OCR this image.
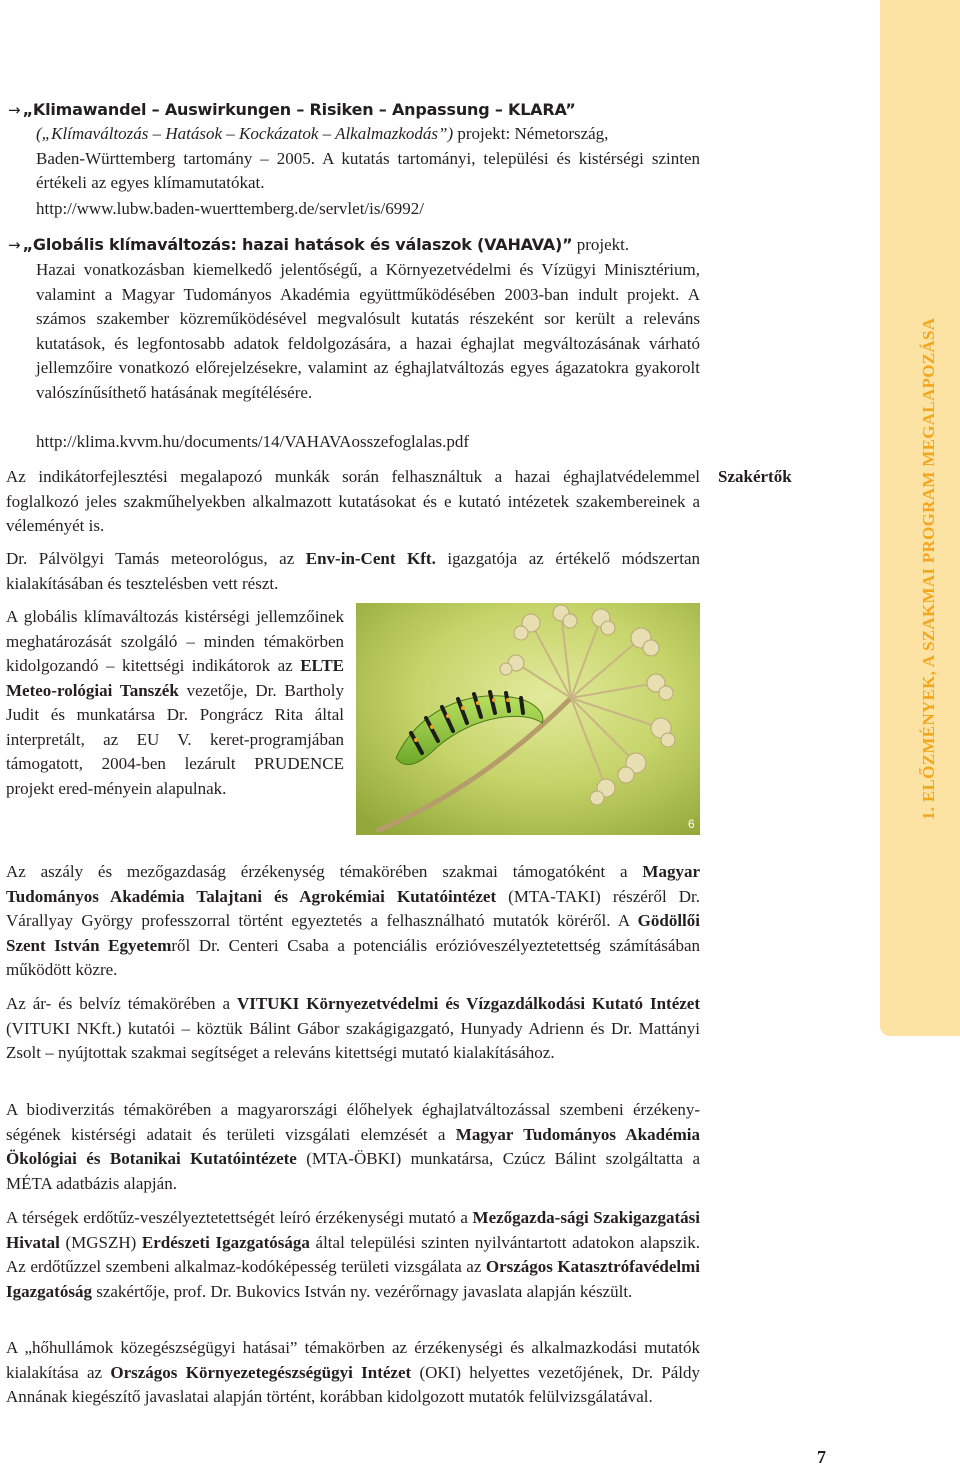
1. ELŐZMÉNYEK, A SZAKMAI PROGRAM MEGALAPOZÁSA
→ „Klimawandel – Auswirkungen – Risiken – Anpassung – KLARA”
(„Klímaváltozás – Hatások – Kockázatok – Alkalmazkodás”) projekt: Németország,
Baden-Württemberg tartomány – 2005. A kutatás tartományi, települési és kistérségi szinten értékeli az egyes klímamutatókat.
http://www.lubw.baden-wuerttemberg.de/servlet/is/6992/
→ „Globális klímaváltozás: hazai hatások és válaszok (VAHAVA)” projekt.
Hazai vonatkozásban kiemelkedő jelentőségű, a Környezetvédelmi és Vízügyi Minisztérium, valamint a Magyar Tudományos Akadémia együttműködésében 2003-ban indult projekt. A számos szakember közreműködésével megvalósult kutatás részeként sor került a releváns kutatások, és legfontosabb adatok feldolgozására, a hazai éghajlat megváltozásának várható jellemzőire vonatkozó előrejelzésekre, valamint az éghajlatváltozás egyes ágazatokra gyakorolt valószínűsíthető hatásának megítélésére.
http://klima.kvvm.hu/documents/14/VAHAVAosszefoglalas.pdf
Szakértők
Az indikátorfejlesztési megalapozó munkák során felhasználtuk a hazai éghajlatvédelemmel foglalkozó jeles szakműhelyekben alkalmazott kutatásokat és e kutató intézetek szakembereinek a véleményét is.
Dr. Pálvölgyi Tamás meteorológus, az Env-in-Cent Kft. igazgatója az értékelő módszertan kialakításában és tesztelésben vett részt.
A globális klímaváltozás kistérségi jellemzőinek meghatározását szolgáló – minden témakörben kidolgozandó – kitettségi indikátorok az ELTE Meteo-rológiai Tanszék vezetője, Dr. Bartholy Judit és munkatársa Dr. Pongrácz Rita által interpretált, az EU V. keret-programjában támogatott, 2004-ben lezárult PRUDENCE projekt ered-ményein alapulnak.
6
Az aszály és mezőgazdaság érzékenység témakörében szakmai támogatóként a Magyar Tudományos Akadémia Talajtani és Agrokémiai Kutatóintézet (MTA-TAKI) részéről Dr. Várallyay György professzorral történt egyeztetés a felhasználható mutatók köréről. A Gödöllői Szent István Egyetemről Dr. Centeri Csaba a potenciális erózióveszélyeztetettség számításában működött közre.
Az ár- és belvíz témakörében a VITUKI Környezetvédelmi és Vízgazdálkodási Kutató Intézet (VITUKI NKft.) kutatói – köztük Bálint Gábor szakágigazgató, Hunyady Adrienn és Dr. Mattányi Zsolt – nyújtottak szakmai segítséget a releváns kitettségi mutató kialakításához.
A biodiverzitás témakörében a magyarországi élőhelyek éghajlatváltozással szembeni érzékeny-ségének kistérségi adatait és területi vizsgálati elemzését a Magyar Tudományos Akadémia Ökológiai és Botanikai Kutatóintézete (MTA-ÖBKI) munkatársa, Czúcz Bálint szolgáltatta a MÉTA adatbázis alapján.
A térségek erdőtűz-veszélyeztetettségét leíró érzékenységi mutató a Mezőgazda-sági Szakigazgatási Hivatal (MGSZH) Erdészeti Igazgatósága által települési szinten nyilvántartott adatokon alapszik. Az erdőtűzzel szembeni alkalmaz-kodóképesség területi vizsgálata az Országos Katasztrófavédelmi Igazgatóság szakértője, prof. Dr. Bukovics István ny. vezérőrnagy javaslata alapján készült.
A „hőhullámok közegészségügyi hatásai” témakörben az érzékenységi és alkalmazkodási mutatók kialakítása az Országos Környezetegészségügyi Intézet (OKI) helyettes vezetőjének, Dr. Páldy Annának kiegészítő javaslatai alapján történt, korábban kidolgozott mutatók felülvizsgálatával.
7
